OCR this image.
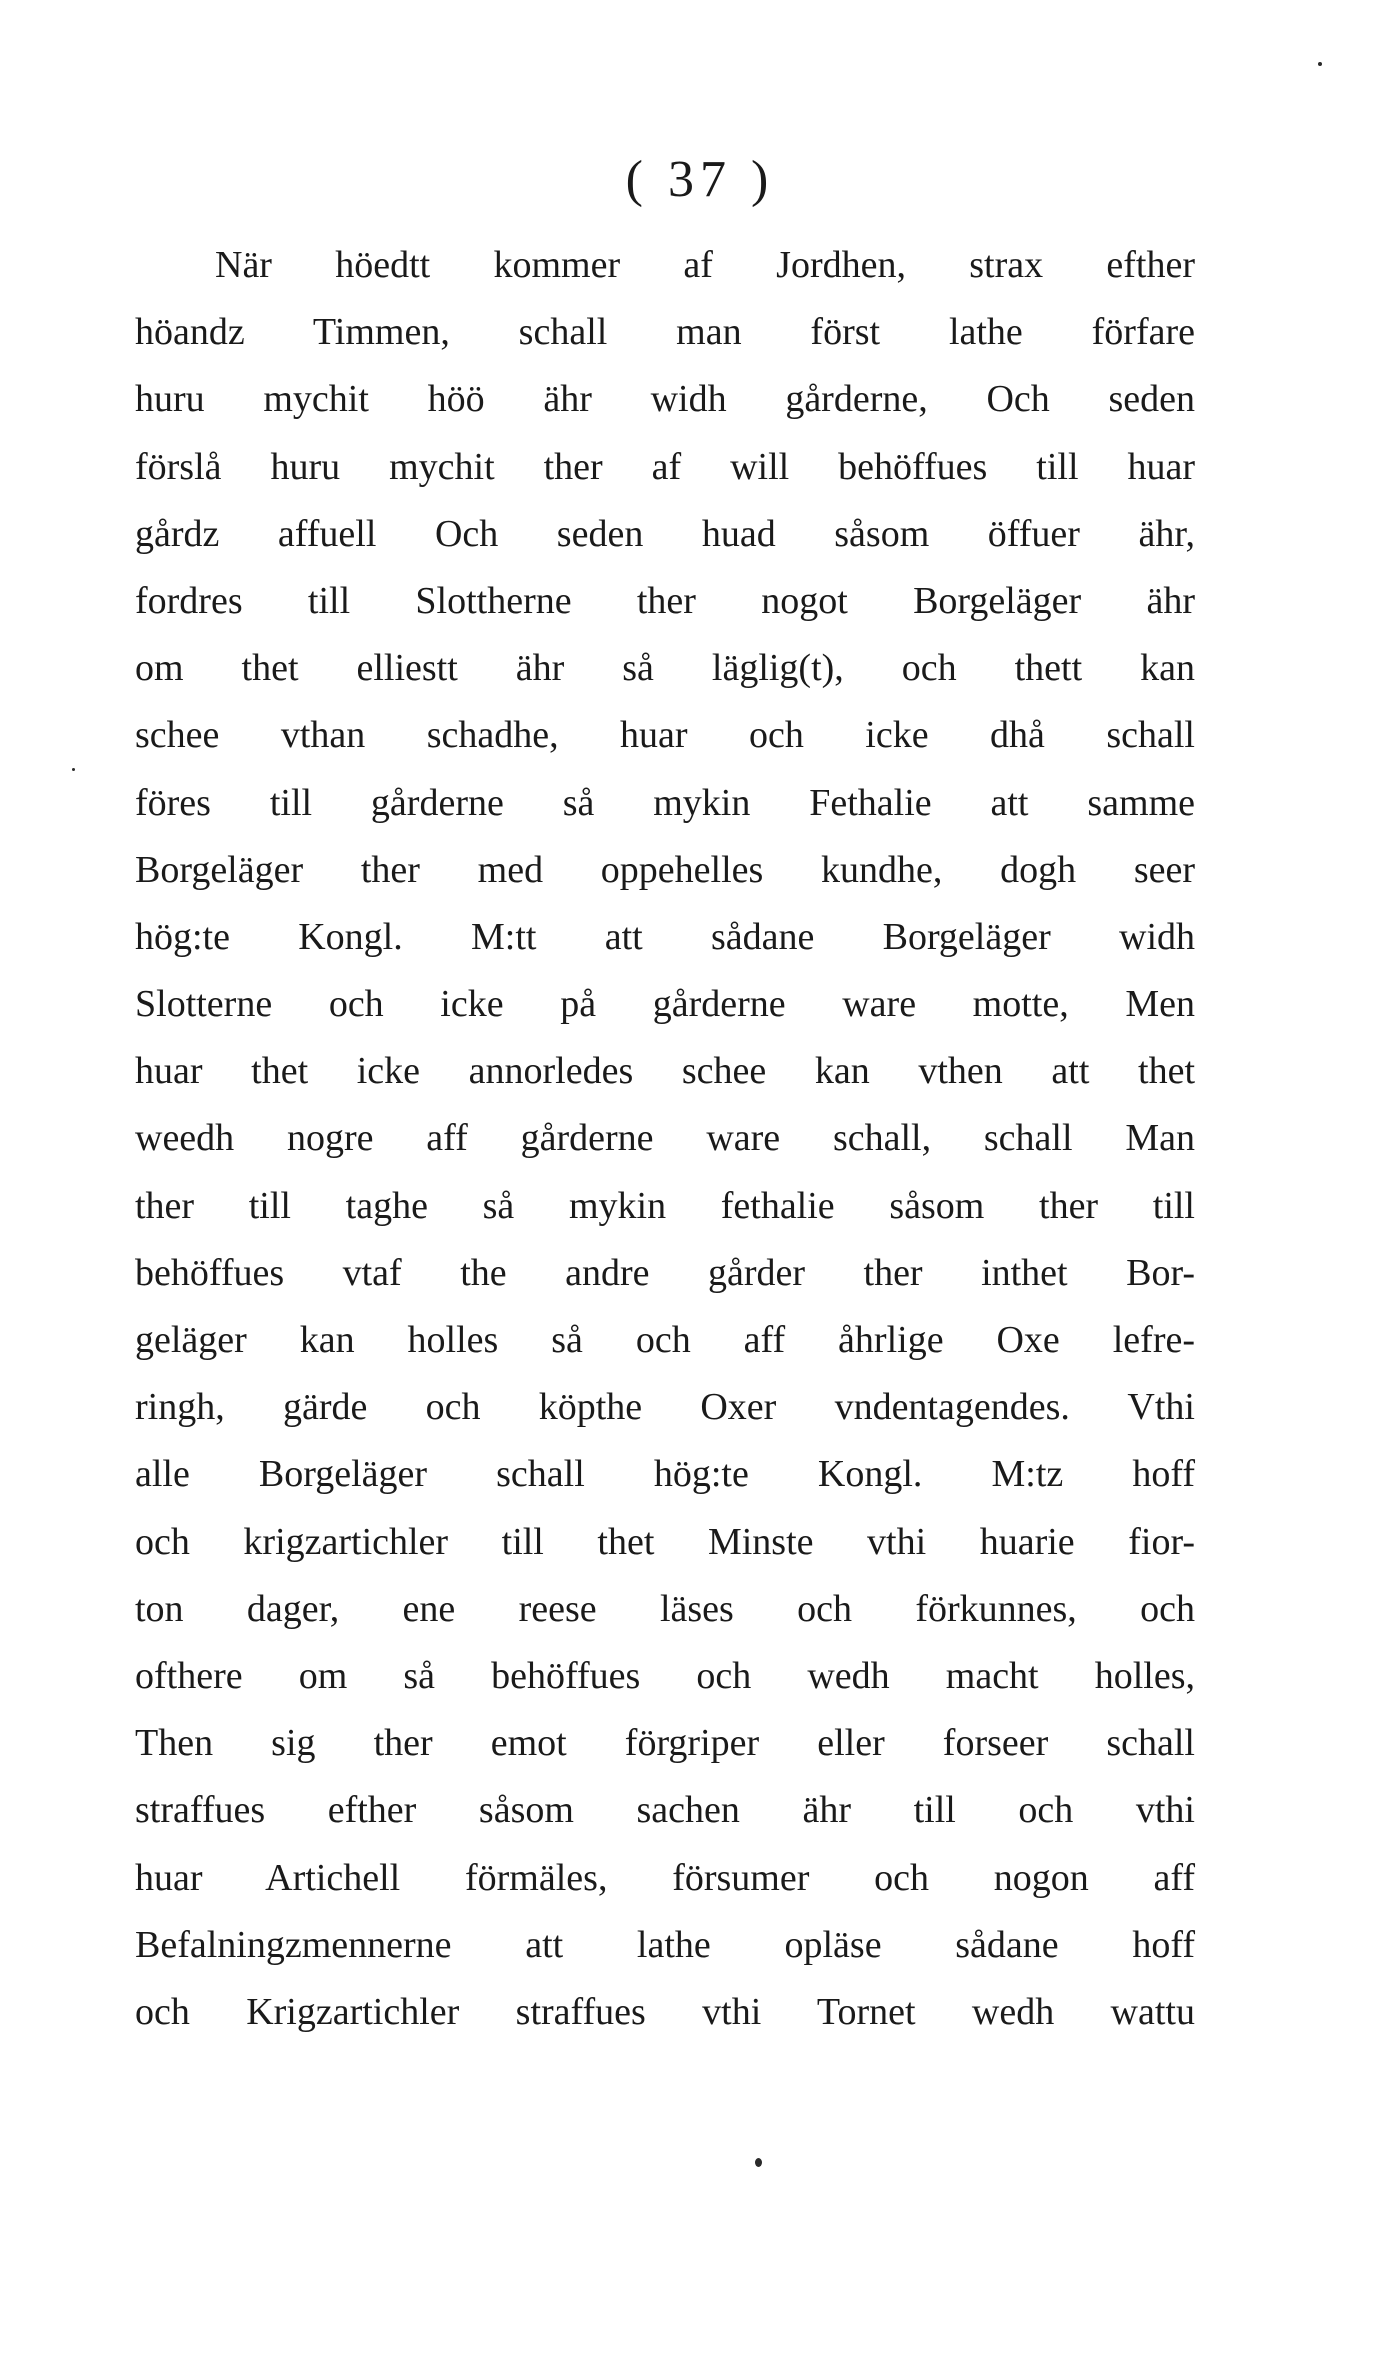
( 37 )
När höedtt kommer af Jordhen, strax efther
höandz Timmen, schall man först lathe förfare
huru mychit höö ähr widh gårderne, Och seden
förslå huru mychit ther af will behöffues till huar
gårdz affuell Och seden huad såsom öffuer ähr,
fordres till Slottherne ther nogot Borgeläger ähr
om thet elliestt ähr så läglig(t), och thett kan
schee vthan schadhe, huar och icke dhå schall
föres till gårderne så mykin Fethalie att samme
Borgeläger ther med oppehelles kundhe, dogh seer
hög:te Kongl. M:tt att sådane Borgeläger widh
Slotterne och icke på gårderne ware motte, Men
huar thet icke annorledes schee kan vthen att thet
weedh nogre aff gårderne ware schall, schall Man
ther till taghe så mykin fethalie såsom ther till
behöffues vtaf the andre gårder ther inthet Bor-
geläger kan holles så och aff åhrlige Oxe lefre-
ringh, gärde och köpthe Oxer vndentagendes. Vthi
alle Borgeläger schall hög:te Kongl. M:tz hoff
och krigzartichler till thet Minste vthi huarie fior-
ton dager, ene reese läses och förkunnes, och
ofthere om så behöffues och wedh macht holles,
Then sig ther emot förgriper eller forseer schall
straffues efther såsom sachen ähr till och vthi
huar Artichell förmäles, försumer och nogon aff
Befalningzmennerne att lathe opläse sådane hoff
och Krigzartichler straffues vthi Tornet wedh wattu
